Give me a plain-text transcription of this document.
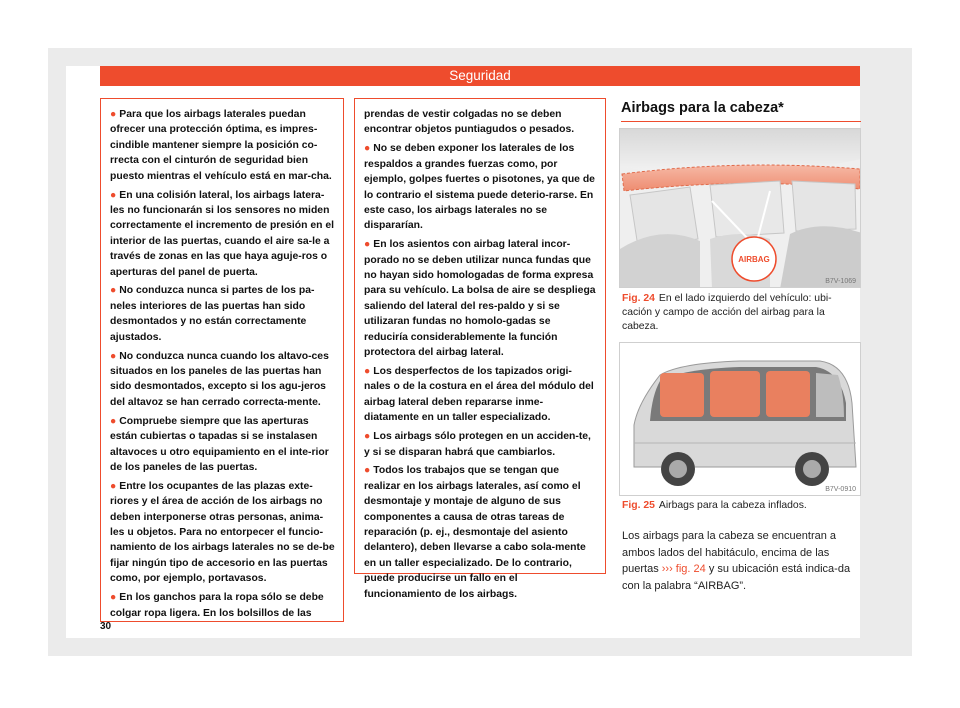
Seguridad

● Para que los airbags laterales puedan ofrecer una protección óptima, es impres-cindible mantener siempre la posición co-rrecta con el cinturón de seguridad bien puesto mientras el vehículo está en mar-cha.

● En una colisión lateral, los airbags latera-les no funcionarán si los sensores no miden correctamente el incremento de presión en el interior de las puertas, cuando el aire sa-le a través de zonas en las que haya aguje-ros o aperturas del panel de puerta.

● No conduzca nunca si partes de los pa-neles interiores de las puertas han sido desmontados y no están correctamente ajustados.

● No conduzca nunca cuando los altavo-ces situados en los paneles de las puertas han sido desmontados, excepto si los agu-jeros del altavoz se han cerrado correcta-mente.

● Compruebe siempre que las aperturas están cubiertas o tapadas si se instalasen altavoces u otro equipamiento en el inte-rior de los paneles de las puertas.

● Entre los ocupantes de las plazas exte-riores y el área de acción de los airbags no deben interponerse otras personas, anima-les u objetos. Para no entorpecer el funcio-namiento de los airbags laterales no se de-be fijar ningún tipo de accesorio en las puertas como, por ejemplo, portavasos.

● En los ganchos para la ropa sólo se debe colgar ropa ligera. En los bolsillos de las

prendas de vestir colgadas no se deben encontrar objetos puntiagudos o pesados.

● No se deben exponer los laterales de los respaldos a grandes fuerzas como, por ejemplo, golpes fuertes o pisotones, ya que de lo contrario el sistema puede deterio-rarse. En este caso, los airbags laterales no se dispararían.

● En los asientos con airbag lateral incor-porado no se deben utilizar nunca fundas que no hayan sido homologadas de forma expresa para su vehículo. La bolsa de aire se despliega saliendo del lateral del res-paldo y si se utilizaran fundas no homolo-gadas se reduciría considerablemente la función protectora del airbag lateral.

● Los desperfectos de los tapizados origi-nales o de la costura en el área del módulo del airbag lateral deben repararse inme-diatamente en un taller especializado.

● Los airbags sólo protegen en un acciden-te, y si se disparan habrá que cambiarlos.

● Todos los trabajos que se tengan que realizar en los airbags laterales, así como el desmontaje y montaje de alguno de sus componentes a causa de otras tareas de reparación (p. ej., desmontaje del asiento delantero), deben llevarse a cabo sola-mente en un taller especializado. De lo contrario, puede producirse un fallo en el funcionamiento de los airbags.

Airbags para la cabeza*
AIRBAG
B7V-1069
Fig. 24 En el lado izquierdo del vehículo: ubi-cación y campo de acción del airbag para la cabeza.
B7V-0910
Fig. 25 Airbags para la cabeza inflados.
Los airbags para la cabeza se encuentran a ambos lados del habitáculo, encima de las puertas ››› fig. 24 y su ubicación está indica-da con la palabra “AIRBAG”.
30
